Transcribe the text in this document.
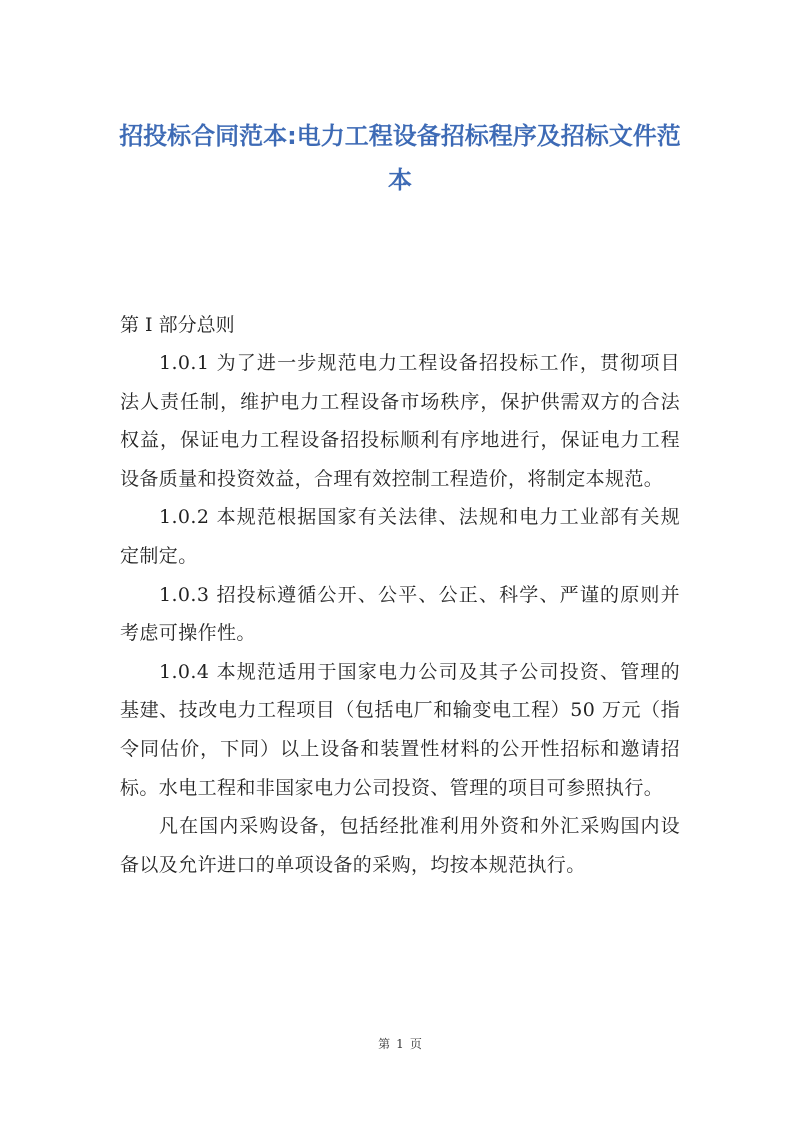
招投标合同范本:电力工程设备招标程序及招标文件范本

第 I 部分总则

1.0.1 为了进一步规范电力工程设备招投标工作，贯彻项目法人责任制，维护电力工程设备市场秩序，保护供需双方的合法权益，保证电力工程设备招投标顺利有序地进行，保证电力工程设备质量和投资效益，合理有效控制工程造价，将制定本规范。

1.0.2 本规范根据国家有关法律、法规和电力工业部有关规定制定。

1.0.3 招投标遵循公开、公平、公正、科学、严谨的原则并考虑可操作性。

1.0.4 本规范适用于国家电力公司及其子公司投资、管理的基建、技改电力工程项目（包括电厂和输变电工程）50 万元（指令同估价，下同）以上设备和装置性材料的公开性招标和邀请招标。水电工程和非国家电力公司投资、管理的项目可参照执行。

凡在国内采购设备，包括经批准利用外资和外汇采购国内设备以及允许进口的单项设备的采购，均按本规范执行。

第 1 页
